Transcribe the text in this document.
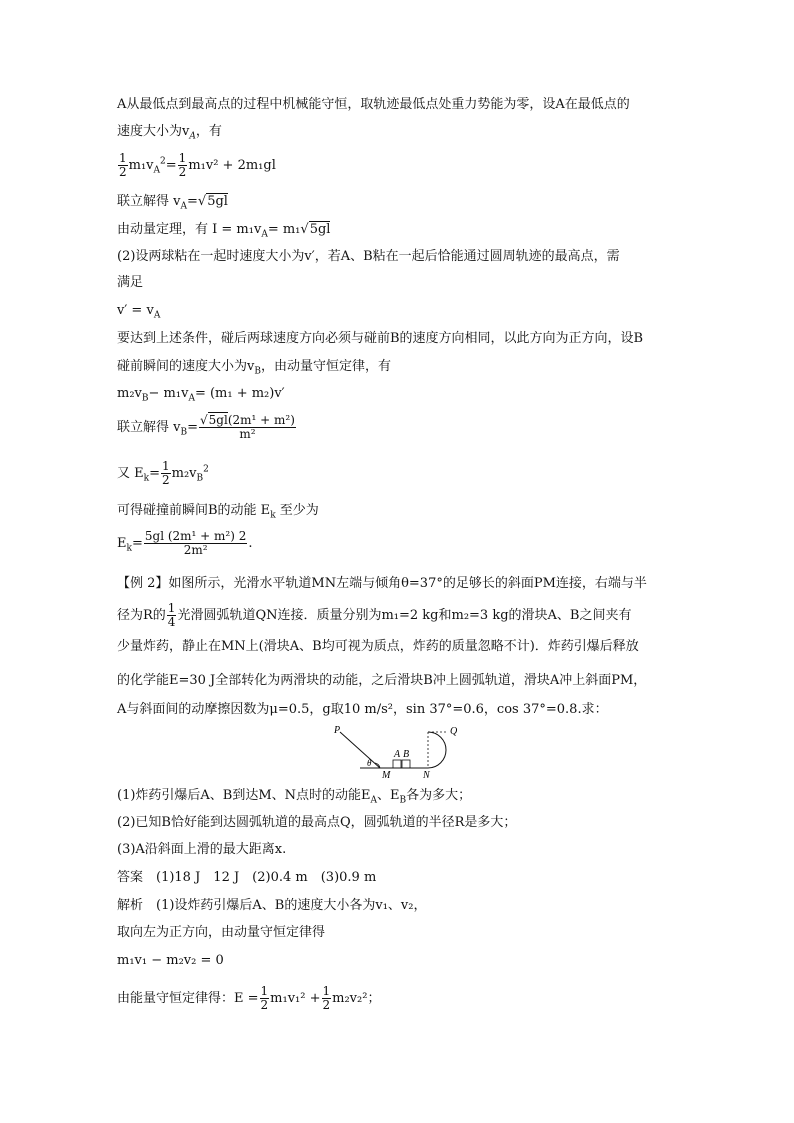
A从最低点到最高点的过程中机械能守恒，取轨迹最低点处重力势能为零，设A在最低点的
速度大小为$v_A$，有
$\frac{1}{2} m_1v_A^2= \frac{1}{2} m_1v^2 + 2m_1gl$
联立解得 $v_A=√5gl$
由动量定理，有 $I = m_1v_A= m_1√5gl$
(2)设两球粘在一起时速度大小为v′，若A、B粘在一起后恰能通过圆周轨迹的最高点，需
满足
$v' = v_A$
要达到上述条件，碰后两球速度方向必须与碰前B的速度方向相同，以此方向为正方向，设B
碰前瞬间的速度大小为$v_B$，由动量守恒定律，有
$m_2v_B- m_1v_A= (m_1 + m_2)v'$
联立解得 $v_B= \frac{\text{√5gl(2m¹ + m²)}}{\text{m²}}$
又 $E_k= \frac{1}{2} m_2v_B^2$
可得碰撞前瞬间B的动能 $E_k$ 至少为
$E_k= \frac{\text{5gl (2m¹ + m²) 2}}{\text{2m²}}$ .
【例 2】如图所示，光滑水平轨道MN左端与倾角θ=37°的足够长的斜面PM连接，右端与半
径为R的 $\frac{1}{4}$ 光滑圆弧轨道QN连接．质量分别为m₁=2 kg和m₂=3 kg的滑块A、B之间夹有
少量炸药，静止在MN上(滑块A、B均可视为质点，炸药的质量忽略不计)．炸药引爆后释放
的化学能E=30 J全部转化为两滑块的动能，之后滑块B冲上圆弧轨道，滑块A冲上斜面PM，
A与斜面间的动摩擦因数为μ=0.5，g取10 m/s²，sin 37°=0.6，cos 37°=0.8.求：
P
θ
A B
M	N
Q
(1)炸药引爆后A、B到达M、N点时的动能$E_A$、$E_B$各为多大；
(2)已知B恰好能到达圆弧轨道的最高点Q，圆弧轨道的半径R是多大；
(3)A沿斜面上滑的最大距离x.
答案　(1)18 J　12 J　(2)0.4 m　(3)0.9 m
解析　(1)设炸药引爆后A、B的速度大小各为v₁、v₂，
取向左为正方向，由动量守恒定律得
m₁v₁ − m₂v₂ = 0
由能量守恒定律得：$E = \frac{1}{2} m_1v_1^2 + \frac{1}{2} m_2v_2^2$；
